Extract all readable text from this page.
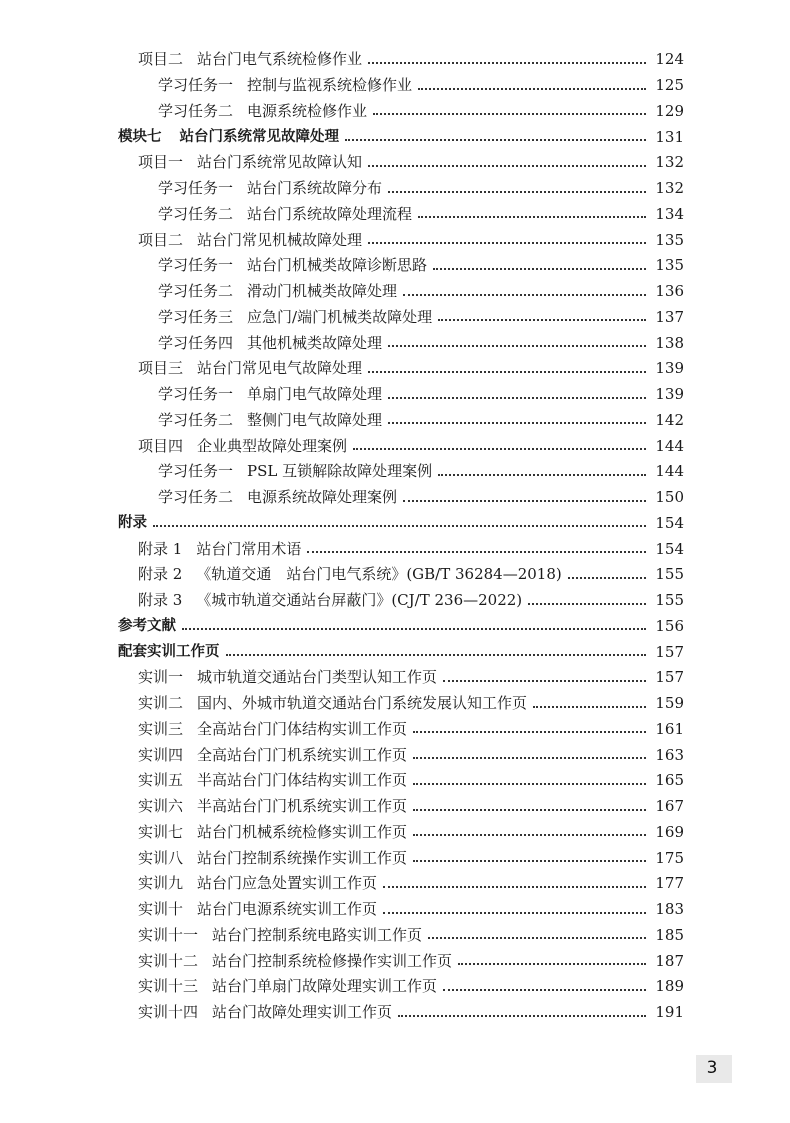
项目二 站台门电气系统检修作业	124
学习任务一 控制与监视系统检修作业	125
学习任务二 电源系统检修作业	129
模块七 站台门系统常见故障处理	131
项目一 站台门系统常见故障认知	132
学习任务一 站台门系统故障分布	132
学习任务二 站台门系统故障处理流程	134
项目二 站台门常见机械故障处理	135
学习任务一 站台门机械类故障诊断思路	135
学习任务二 滑动门机械类故障处理	136
学习任务三 应急门/端门机械类故障处理	137
学习任务四 其他机械类故障处理	138
项目三 站台门常见电气故障处理	139
学习任务一 单扇门电气故障处理	139
学习任务二 整侧门电气故障处理	142
项目四 企业典型故障处理案例	144
学习任务一 PSL 互锁解除故障处理案例	144
学习任务二 电源系统故障处理案例	150
附录	154
附录 1 站台门常用术语	154
附录 2 《轨道交通　站台门电气系统》(GB/T 36284—2018)	155
附录 3 《城市轨道交通站台屏蔽门》(CJ/T 236—2022)	155
参考文献	156
配套实训工作页	157
实训一 城市轨道交通站台门类型认知工作页	157
实训二 国内、外城市轨道交通站台门系统发展认知工作页	159
实训三 全高站台门门体结构实训工作页	161
实训四 全高站台门门机系统实训工作页	163
实训五 半高站台门门体结构实训工作页	165
实训六 半高站台门门机系统实训工作页	167
实训七 站台门机械系统检修实训工作页	169
实训八 站台门控制系统操作实训工作页	175
实训九 站台门应急处置实训工作页	177
实训十 站台门电源系统实训工作页	183
实训十一 站台门控制系统电路实训工作页	185
实训十二 站台门控制系统检修操作实训工作页	187
实训十三 站台门单扇门故障处理实训工作页	189
实训十四 站台门故障处理实训工作页	191
3
